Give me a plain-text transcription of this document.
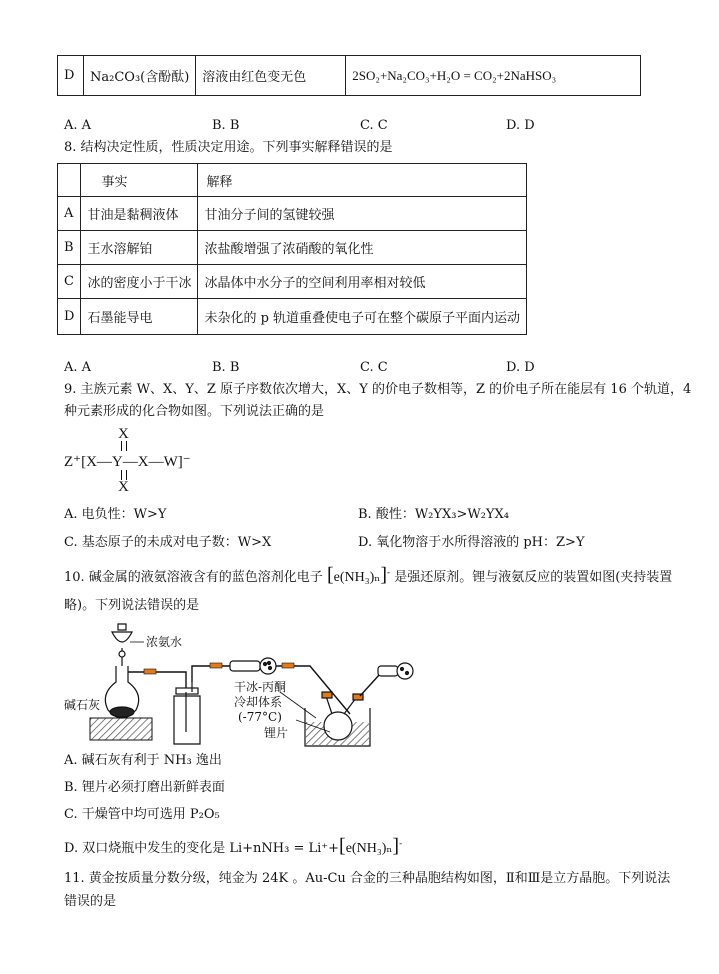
D	Na₂CO₃(含酚酞)	溶液由红色变无色	2SO₂+Na₂CO₃+H₂O = CO₂+2NaHSO₃
A. A	B. B	C. C	D. D
8. 结构决定性质，性质决定用途。下列事实解释错误的是
	事实	解释
A	甘油是黏稠液体	甘油分子间的氢键较强
B	王水溶解铂	浓盐酸增强了浓硝酸的氧化性
C	冰的密度小于干冰	冰晶体中水分子的空间利用率相对较低
D	石墨能导电	未杂化的 p 轨道重叠使电子可在整个碳原子平面内运动
A. A	B. B	C. C	D. D
9. 主族元素 W、X、Y、Z 原子序数依次增大，X、Y 的价电子数相等，Z 的价电子所在能层有 16 个轨道，4
种元素形成的化合物如图。下列说法正确的是
X
Z⁺[X—Y—X—W]⁻
X
A. 电负性：W>Y	B. 酸性：W₂YX₃>W₂YX₄
C. 基态原子的未成对电子数：W>X	D. 氧化物溶于水所得溶液的 pH：Z>Y
10. 碱金属的液氨溶液含有的蓝色溶剂化电子 [e(NH₃)ₙ]- 是强还原剂。锂与液氨反应的装置如图(夹持装置
略)。下列说法错误的是
浓氨水
碱石灰
干冰-丙酮
冷却体系
(-77°C)
锂片
A. 碱石灰有利于 NH₃ 逸出
B. 锂片必须打磨出新鲜表面
C. 干燥管中均可选用 P₂O₅
D. 双口烧瓶中发生的变化是 Li+nNH₃ = Li⁺+[e(NH₃)ₙ]-
11. 黄金按质量分数分级，纯金为 24K 。Au-Cu 合金的三种晶胞结构如图，Ⅱ和Ⅲ是立方晶胞。下列说法
错误的是
